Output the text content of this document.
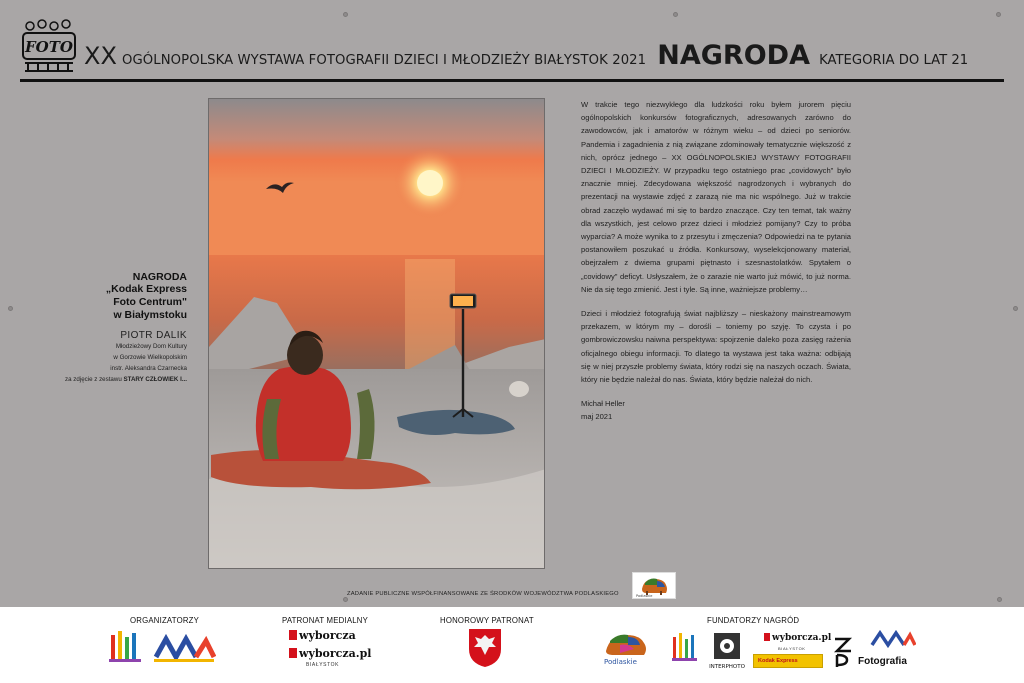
FOTO XX OGÓLNOPOLSKA WYSTAWA FOTOGRAFII DZIECI I MŁODZIEŻY BIAŁYSTOK 2021 NAGRODA KATEGORIA DO LAT 21
NAGRODA
„Kodak Express
Foto Centrum"
w Białymstoku
PIOTR DALIK
Młodzieżowy Dom Kultury
w Gorzowie Wielkopolskim
instr. Aleksandra Czarnecka
za zdjęcie z zestawu STARY CZŁOWIEK I...

W trakcie tego niezwykłego dla ludzkości roku byłem jurorem pięciu ogólnopolskich konkursów fotograficznych, adresowanych zarówno do zawodowców, jak i amatorów w różnym wieku – od dzieci po seniorów. Pandemia i zagadnienia z nią związane zdominowały tematycznie większość z nich, oprócz jednego – XX OGÓLNOPOLSKIEJ WYSTAWY FOTOGRAFII DZIECI I MŁODZIEŻY. W przypadku tego ostatniego prac „covidowych" było znacznie mniej. Zdecydowana większość nagrodzonych i wybranych do prezentacji na wystawie zdjęć z zarazą nie ma nic wspólnego. Już w trakcie obrad zaczęło wydawać mi się to bardzo znaczące. Czy ten temat, tak ważny dla wszystkich, jest celowo przez dzieci i młodzież pomijany? Czy to próba wyparcia? A może wynika to z przesytu i zmęczenia? Odpowiedzi na te pytania postanowiłem poszukać u źródła. Konkursowy, wyselekcjonowany materiał, obejrzałem z dwiema grupami piętnasto i szesnastolatków. Spytałem o „covidowy" deficyt. Usłyszałem, że o zarazie nie warto już mówić, to już norma. Nie da się tego zmienić. Jest i tyle. Są inne, ważniejsze problemy…

Dzieci i młodzież fotografują świat najbliższy – nieskażony mainstreamowym przekazem, w którym my – dorośli – toniemy po szyję. To czysta i po gombrowiczowsku naiwna perspektywa: spojrzenie daleko poza zasięg rażenia oficjalnego obiegu informacji. To dlatego ta wystawa jest taka ważna: odbijają się w niej przyszłe problemy świata, który rodzi się na naszych oczach. Świata, który nie będzie należał do nas. Świata, który będzie należał do nich.

Michał Heller
maj 2021
ZADANIE PUBLICZNE WSPÓŁFINANSOWANE ZE ŚRODKÓW WOJEWÓDZTWA PODLASKIEGO	Podlaskie
ORGANIZATORZY	PATRONAT MEDIALNY	HONOROWY PATRONAT	FUNDATORZY NAGRÓD
wyborcza
wyborcza.pl
BIAŁYSTOK	Podlaskie
INTERPHOTO
wyborcza.pl
BIAŁYSTOK
Kodak Express	Fotografia
